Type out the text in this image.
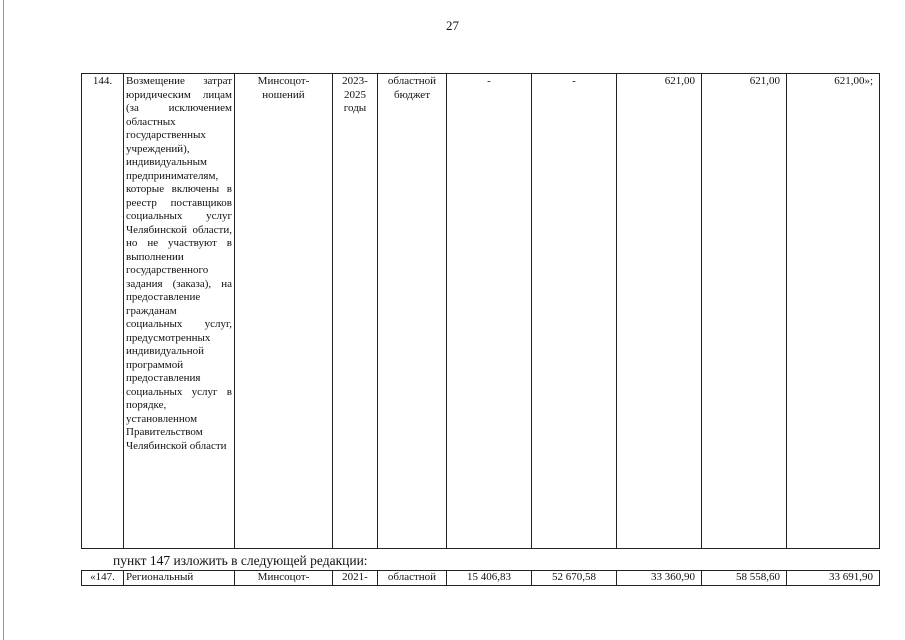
27
144.	Возмещение затрат юридическим лицам (за исключением областных государственных учреждений), индивидуальным предпринимателям, которые включены в реестр поставщиков социальных услуг Челябинской области, но не участвуют в выполнении государственного задания (заказа), на предоставление гражданам социальных услуг, предусмотренных индивидуальной программой предоставления социальных услуг в порядке, установленном Правительством Челябинской области	Минсоцот-ношений	2023-2025 годы	областной бюджет	-	-	621,00	621,00	621,00»;
пункт 147 изложить в следующей редакции:
«147.	Региональный	Минсоцот-	2021-	областной	15 406,83	52 670,58	33 360,90	58 558,60	33 691,90
